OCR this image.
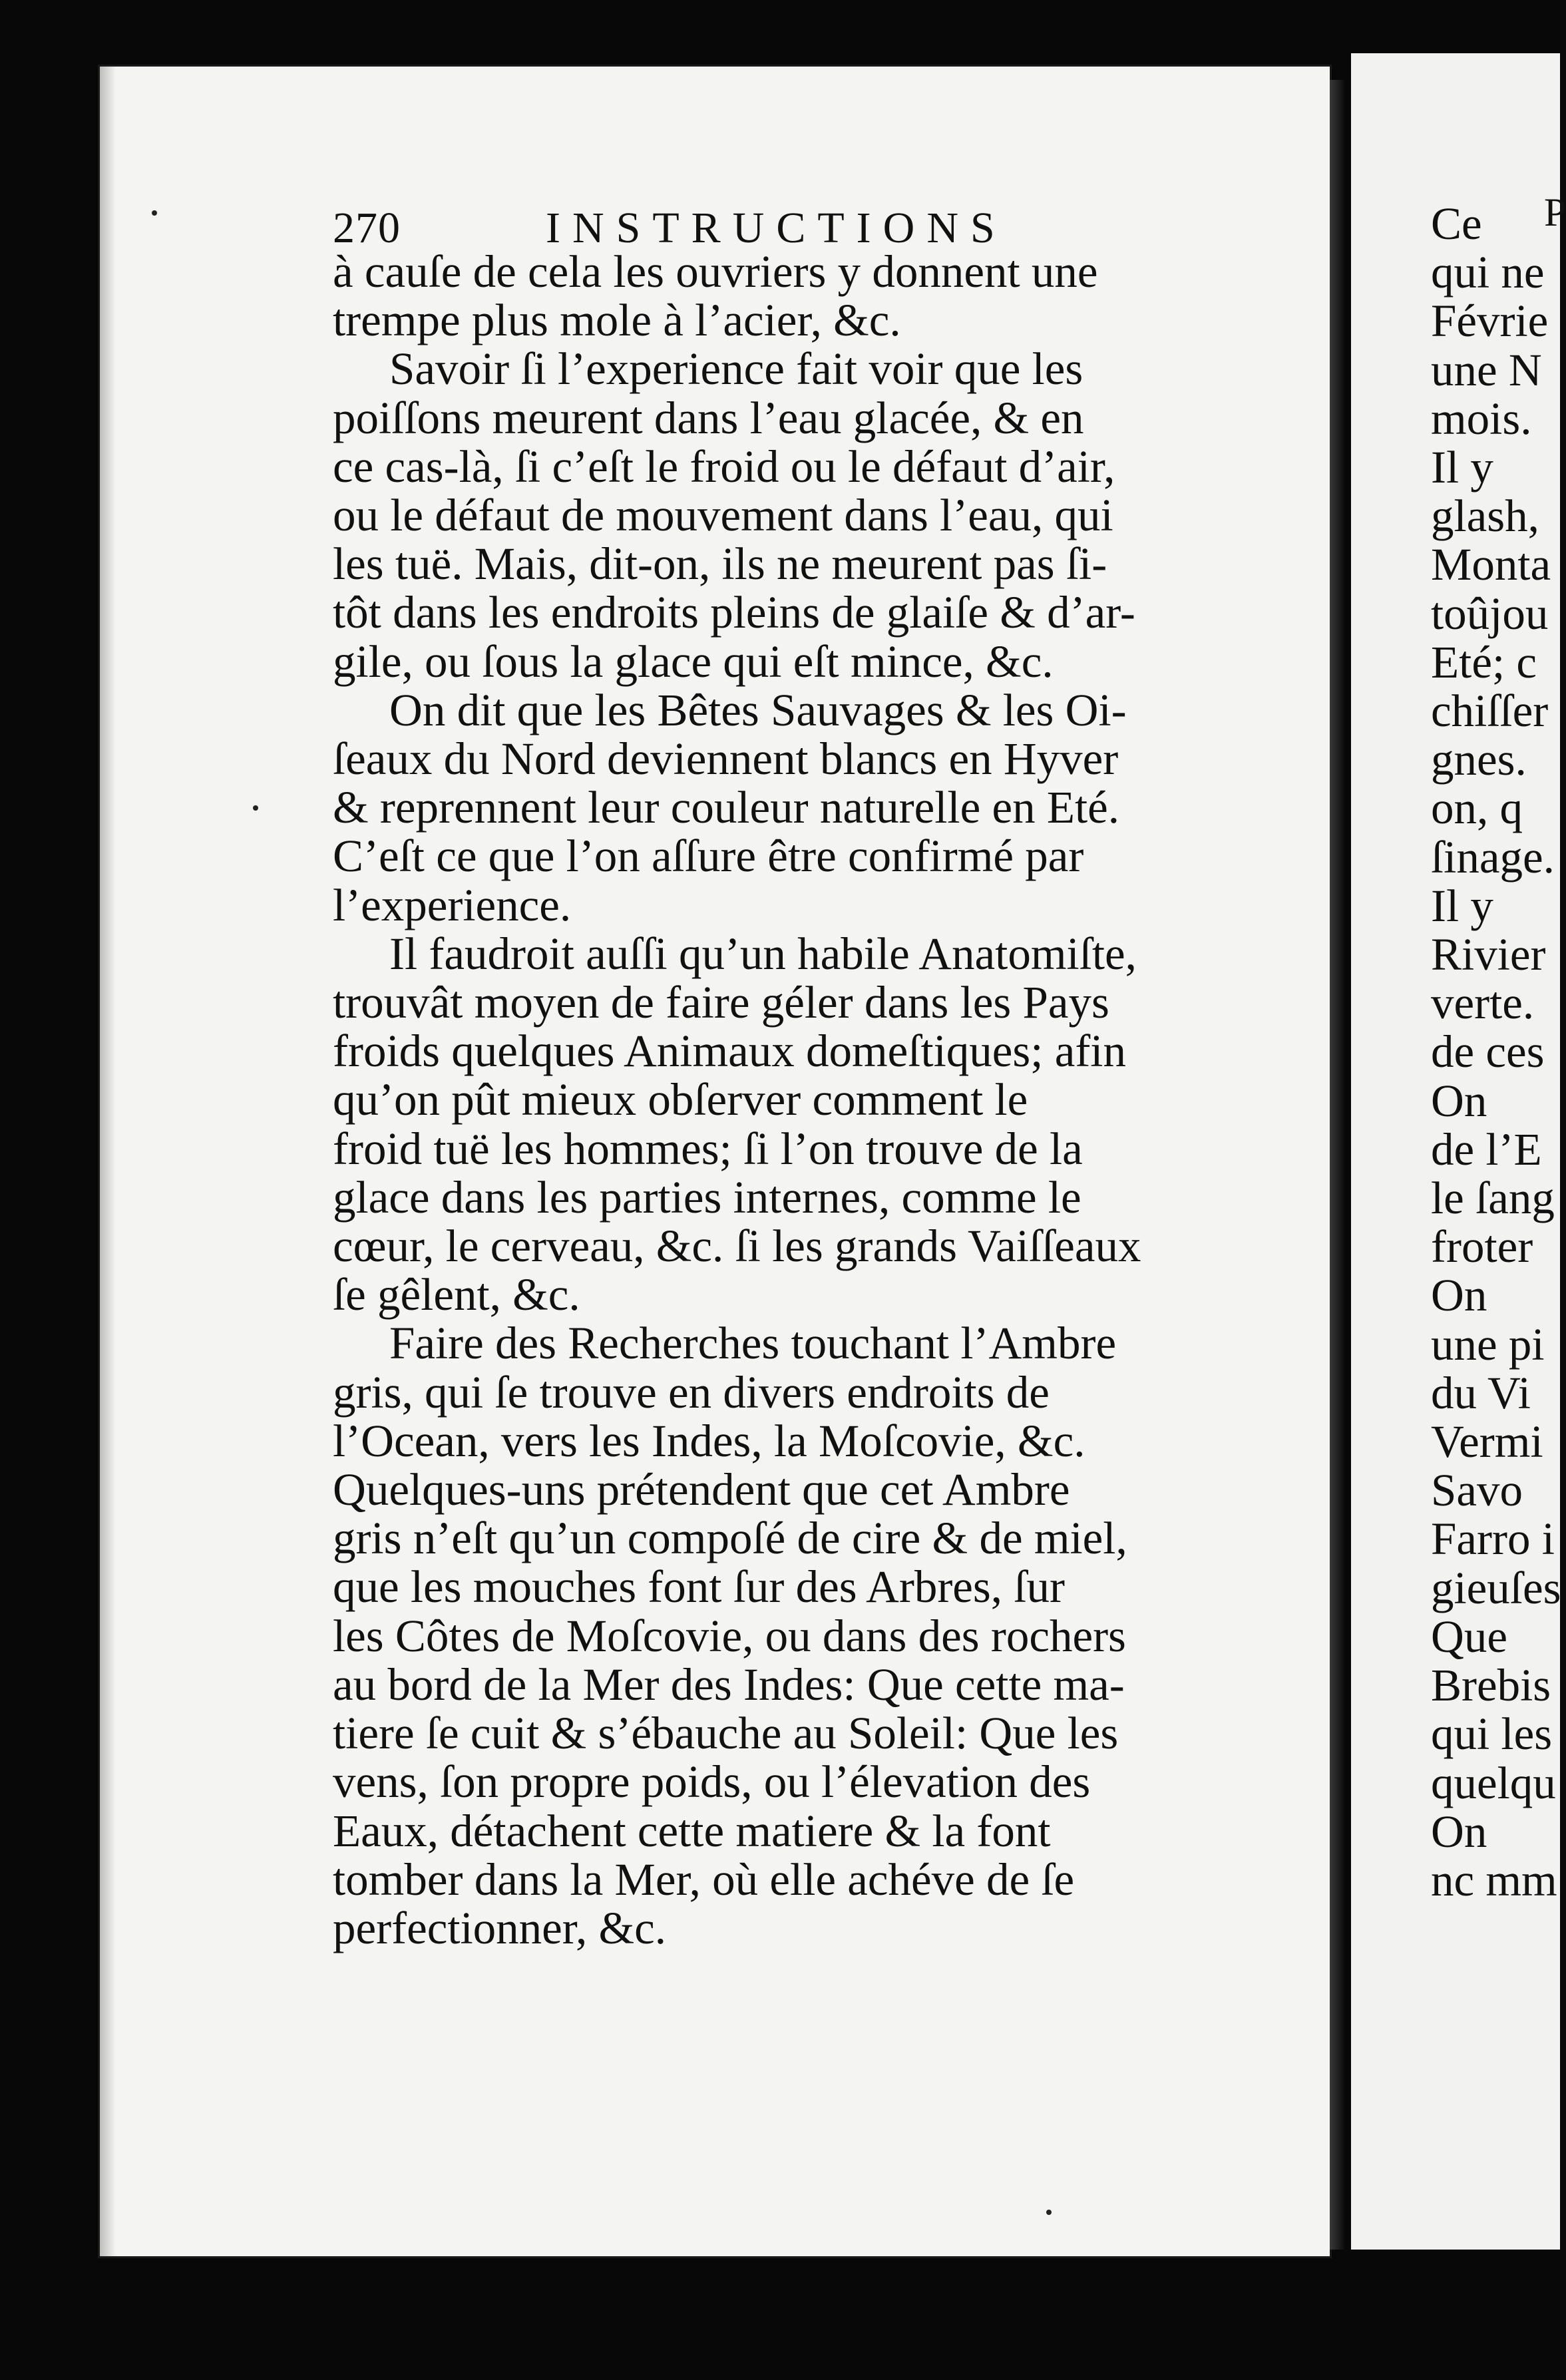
270	INSTRUCTIONS
à cauſe de cela les ouvriers y donnent une
trempe plus mole à l’acier, &c.
Savoir ſi l’experience fait voir que les
poiſſons meurent dans l’eau glacée, & en
ce cas-là, ſi c’eſt le froid ou le défaut d’air,
ou le défaut de mouvement dans l’eau, qui
les tuë. Mais, dit-on, ils ne meurent pas ſi-
tôt dans les endroits pleins de glaiſe & d’ar-
gile, ou ſous la glace qui eſt mince, &c.
On dit que les Bêtes Sauvages & les Oi-
ſeaux du Nord deviennent blancs en Hyver
& reprennent leur couleur naturelle en Eté.
C’eſt ce que l’on aſſure être confirmé par
l’experience.
Il faudroit auſſi qu’un habile Anatomiſte,
trouvât moyen de faire géler dans les Pays
froids quelques Animaux domeſtiques; afin
qu’on pût mieux obſerver comment le
froid tuë les hommes; ſi l’on trouve de la
glace dans les parties internes, comme le
cœur, le cerveau, &c. ſi les grands Vaiſſeaux
ſe gêlent, &c.
Faire des Recherches touchant l’Ambre
gris, qui ſe trouve en divers endroits de
l’Ocean, vers les Indes, la Moſcovie, &c.
Quelques-uns prétendent que cet Ambre
gris n’eſt qu’un compoſé de cire & de miel,
que les mouches font ſur des Arbres, ſur
les Côtes de Moſcovie, ou dans des rochers
au bord de la Mer des Indes: Que cette ma-
tiere ſe cuit & s’ébauche au Soleil: Que les
vens, ſon propre poids, ou l’élevation des
Eaux, détachent cette matiere & la font
tomber dans la Mer, où elle achéve de ſe
perfectionner, &c.
P
Ce
qui ne
Févrie
une N
mois.
Il y
glash,
Monta
toûjou
Eté; c
chiſſer
gnes.
on, q
ſinage.
Il y
Rivier
verte.
de ces
On
de l’E
le ſang
froter
On
une pi
du Vi
Vermi
Savo
Farro i
gieuſes
Que
Brebis
qui les
quelqu
On
nc mm
